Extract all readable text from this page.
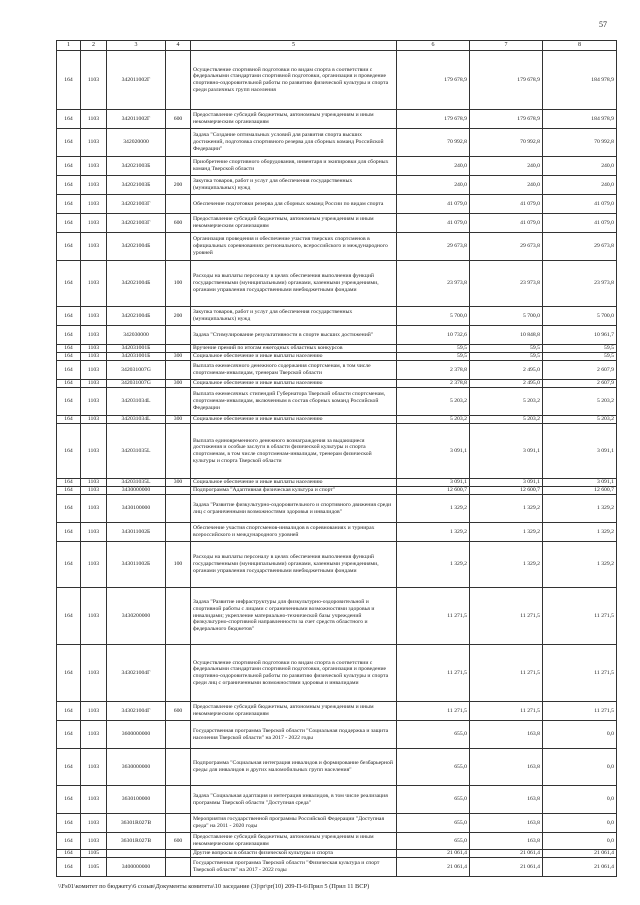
57
1	2	3	4	5	6	7	8
164	1103	342011002Г		Осуществление спортивной подготовки по видам спорта в соответствии с федеральными стандартами спортивной подготовки, организация и проведение спортивно-оздоровительной работы по развитию физической культуры и спорта среди различных групп населения	179 678,9	179 678,9	184 978,9
164	1103	342011002Г	600	Предоставление субсидий бюджетным, автономным учреждениям и иным некоммерческим организациям	179 678,9	179 678,9	184 978,9
164	1103	342020000		Задача "Создание оптимальных условий для развития спорта высших достижений, подготовка спортивного резерва для сборных команд Российской Федерации"	70 992,8	70 992,8	70 992,8
164	1103	342021003Б		Приобретение спортивного оборудования, инвентаря и экипировки для сборных команд Тверской области	240,0	240,0	240,0
164	1103	342021003Б	200	Закупка товаров, работ и услуг для обеспечения государственных (муниципальных) нужд	240,0	240,0	240,0
164	1103	342021003Г		Обеспечение подготовки резерва для сборных команд России по видам спорта	41 079,0	41 079,0	41 079,0
164	1103	342021003Г	600	Предоставление субсидий бюджетным, автономным учреждениям и иным некоммерческим организациям	41 079,0	41 079,0	41 079,0
164	1103	342021004Б		Организация проведения и обеспечение участия тверских спортсменов в официальных соревнованиях регионального, всероссийского и международного уровней	29 673,8	29 673,8	29 673,8
164	1103	342021004Б	100	Расходы на выплаты персоналу в целях обеспечения выполнения функций государственными (муниципальными) органами, казенными учреждениями, органами управления государственными внебюджетными фондами	23 973,8	23 973,8	23 973,8
164	1103	342021004Б	200	Закупка товаров, работ и услуг для обеспечения государственных (муниципальных) нужд	5 700,0	5 700,0	5 700,0
164	1103	342030000		Задача "Стимулирование результативности в спорте высших достижений"	10 732,6	10 848,8	10 961,7
164	1103	342031001Б		Вручение премий по итогам ежегодных областных конкурсов	59,5	59,5	59,5
164	1103	342031001Б	300	Социальное обеспечение и иные выплаты населению	59,5	59,5	59,5
164	1103	342031007G		Выплата ежемесячного денежного содержания спортсменам, в том числе спортсменам-инвалидам, тренерам Тверской области	2 378,8	2 495,0	2 607,9
164	1103	342031007G	300	Социальное обеспечение и иные выплаты населению	2 378,8	2 495,0	2 607,9
164	1103	342031034L		Выплата ежемесячных стипендий Губернатора Тверской области спортсменам, спортсменам-инвалидам, включенным в состав сборных команд Российской Федерации	5 203,2	5 203,2	5 203,2
164	1103	342031034L	300	Социальное обеспечение и иные выплаты населению	5 203,2	5 203,2	5 203,2
164	1103	342031035L		Выплата единовременного денежного вознаграждения за выдающиеся достижения и особые заслуги в области физической культуры и спорта спортсменам, в том числе спортсменам-инвалидам, тренерам физической культуры и спорта Тверской области	3 091,1	3 091,1	3 091,1
164	1103	342031035L	300	Социальное обеспечение и иные выплаты населению	3 091,1	3 091,1	3 091,1
164	1103	3430000000		Подпрограмма "Адаптивная физическая культура и спорт"	12 600,7	12 600,7	12 600,7
164	1103	3430100000		Задача "Развитие физкультурно-оздоровительного и спортивного движения среди лиц с ограниченными возможностями здоровья и инвалидов"	1 329,2	1 329,2	1 329,2
164	1103	343011002Б		Обеспечение участия спортсменов-инвалидов в соревнованиях и турнирах всероссийского и международного уровней	1 329,2	1 329,2	1 329,2
164	1103	343011002Б	100	Расходы на выплаты персоналу в целях обеспечения выполнения функций государственными (муниципальными) органами, казенными учреждениями, органами управления государственными внебюджетными фондами	1 329,2	1 329,2	1 329,2
164	1103	3430200000		Задача "Развитие инфраструктуры для физкультурно-оздоровительной и спортивной работы с лицами с ограниченными возможностями здоровья и инвалидами; укрепление материально-технической базы учреждений физкультурно-спортивной направленности за счет средств областного и федерального бюджетов"	11 271,5	11 271,5	11 271,5
164	1103	343021004Г		Осуществление спортивной подготовки по видам спорта в соответствии с федеральными стандартами спортивной подготовки, организация и проведение спортивно-оздоровительной работы по развитию физической культуры и спорта среди лиц с ограниченными возможностями здоровья и инвалидами	11 271,5	11 271,5	11 271,5
164	1103	343021004Г	600	Предоставление субсидий бюджетным, автономным учреждениям и иным некоммерческим организациям	11 271,5	11 271,5	11 271,5
164	1103	3600000000		Государственная программа Тверской области "Социальная поддержка и защита населения Тверской области" на 2017 - 2022 годы	655,0	163,8	0,0
164	1103	3630000000		Подпрограмма "Социальная интеграция инвалидов и формирование безбарьерной среды для инвалидов и других маломобильных групп населения"	655,0	163,8	0,0
164	1103	3630100000		Задача "Социальная адаптация и интеграция инвалидов, в том числе реализация программы Тверской области "Доступная среда"	655,0	163,8	0,0
164	1103	36301R027B		Мероприятия государственной программы Российской Федерации "Доступная среда" на 2011 - 2020 годы	655,0	163,8	0,0
164	1103	36301R027B	600	Предоставление субсидий бюджетным, автономным учреждениям и иным некоммерческим организациям	655,0	163,8	0,0
164	1105			Другие вопросы в области физической культуры и спорта	21 061,4	21 061,4	21 061,4
164	1105	3400000000		Государственная программа Тверской области "Физическая культура и спорт Тверской области" на 2017 - 2022 годы	21 061,4	21 061,4	21 061,4
\\Fs01\комитет по бюджету\6 созыв\Документы комитета\10 заседание (3)\pr\pr(10) 209-П-6\Прил 5 (Прил 11 ВСР)
